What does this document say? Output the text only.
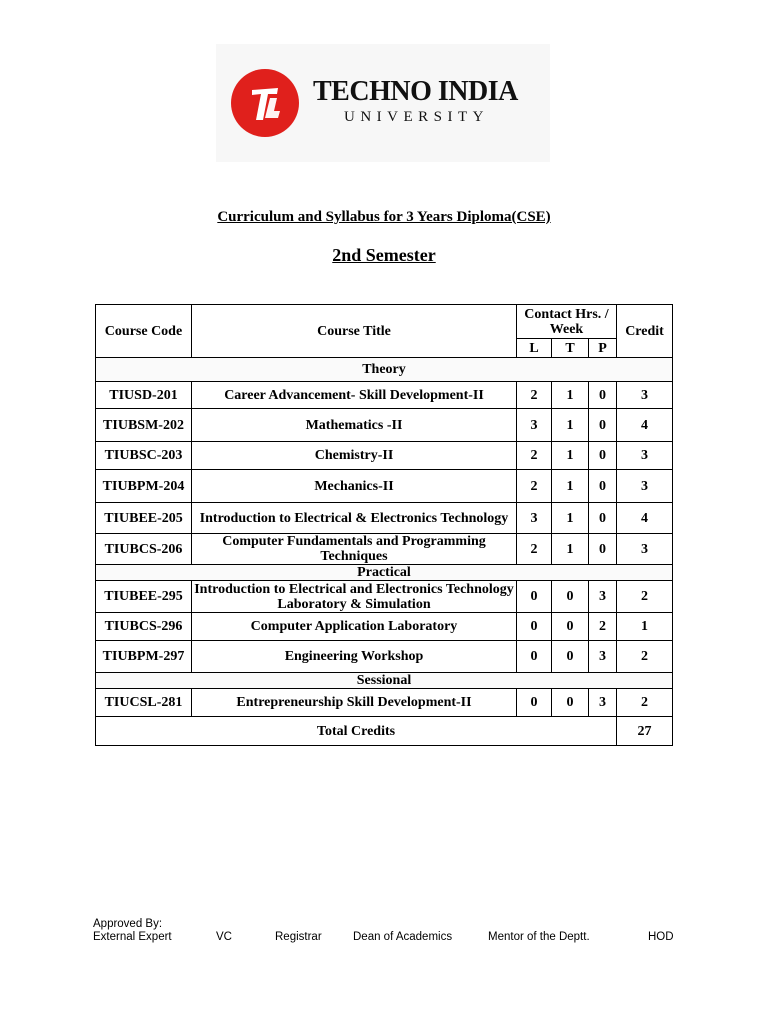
TECHNO INDIA
UNIVERSITY
Curriculum and Syllabus for 3 Years Diploma(CSE)
2nd Semester
Course Code	Course Title	Contact Hrs. / Week			Credit
		L	T	P	
Theory					
TIUSD-201	Career Advancement- Skill Development-II	2	1	0	3
TIUBSM-202	Mathematics -II	3	1	0	4
TIUBSC-203	Chemistry-II	2	1	0	3
TIUBPM-204	Mechanics-II	2	1	0	3
TIUBEE-205	Introduction to Electrical & Electronics Technology	3	1	0	4
TIUBCS-206	Computer Fundamentals and Programming Techniques	2	1	0	3
Practical					
TIUBEE-295	Introduction to Electrical and Electronics Technology Laboratory & Simulation	0	0	3	2
TIUBCS-296	Computer Application Laboratory	0	0	2	1
TIUBPM-297	Engineering Workshop	0	0	3	2
Sessional					
TIUCSL-281	Entrepreneurship Skill Development-II	0	0	3	2
Total Credits					27
Approved By:
External Expert	VC	Registrar	Dean of Academics	Mentor of the Deptt.	HOD
